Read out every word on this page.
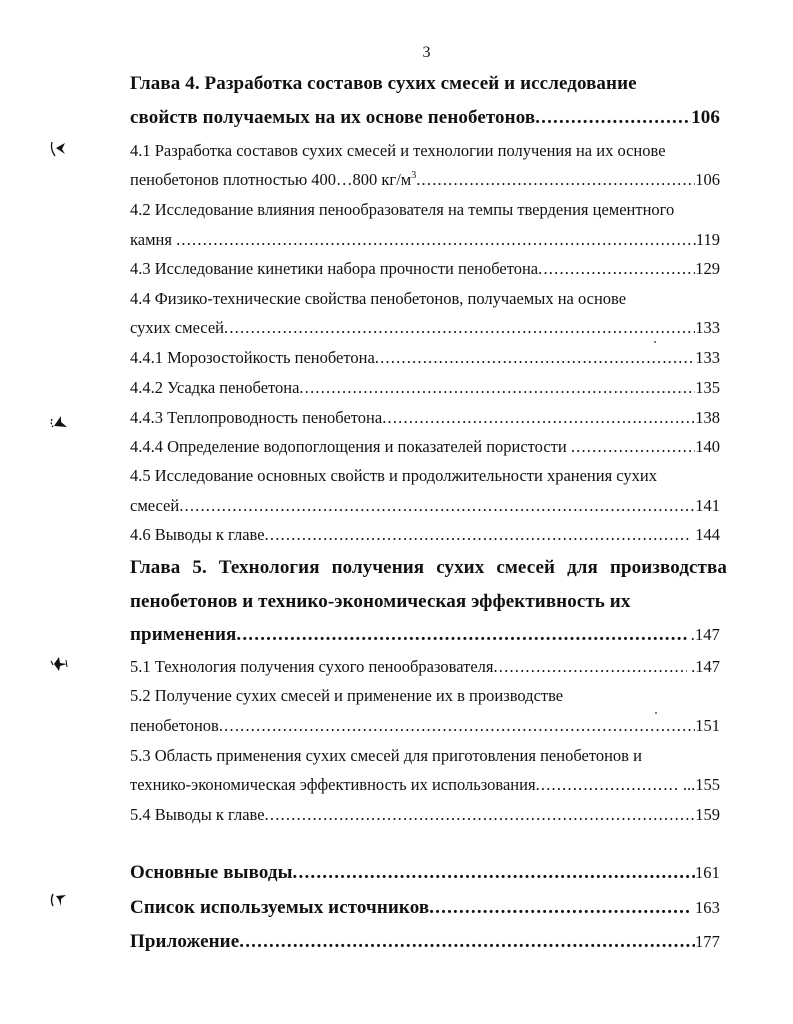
3
Глава 4. Разработка составов сухих смесей и исследование
свойств получаемых на их основе пенобетонов .....	106
4.1 Разработка составов сухих смесей и технологии получения на их основе
пенобетонов плотностью 400…800 $кг/м^3$ .....	106
4.2 Исследование влияния пенообразователя на темпы твердения цементного
камня .....	119
4.3 Исследование кинетики набора прочности пенобетона .....	129
4.4 Физико-технические свойства пенобетонов, получаемых на основе
сухих смесей .....	133
4.4.1 Морозостойкость пенобетона .....	133
4.4.2 Усадка пенобетона .....	135
4.4.3 Теплопроводность пенобетона .....	138
4.4.4 Определение водопоглощения и показателей пористости .....	140
4.5 Исследование основных свойств и продолжительности хранения сухих
смесей .....	141
4.6 Выводы к главе .....	144
Глава 5. Технология получения сухих смесей для производства
пенобетонов и технико-экономическая эффективность их
применения .....	.147
5.1 Технология получения сухого пенообразователя .....	.147
5.2 Получение сухих смесей и применение их в производстве
пенобетонов .....	151
5.3 Область применения сухих смесей для приготовления пенобетонов и
технико-экономическая эффективность их использования .....	...155
5.4 Выводы к главе .....	159
Основные выводы .....	161
Список используемых источников .....	163
Приложение .....	177
